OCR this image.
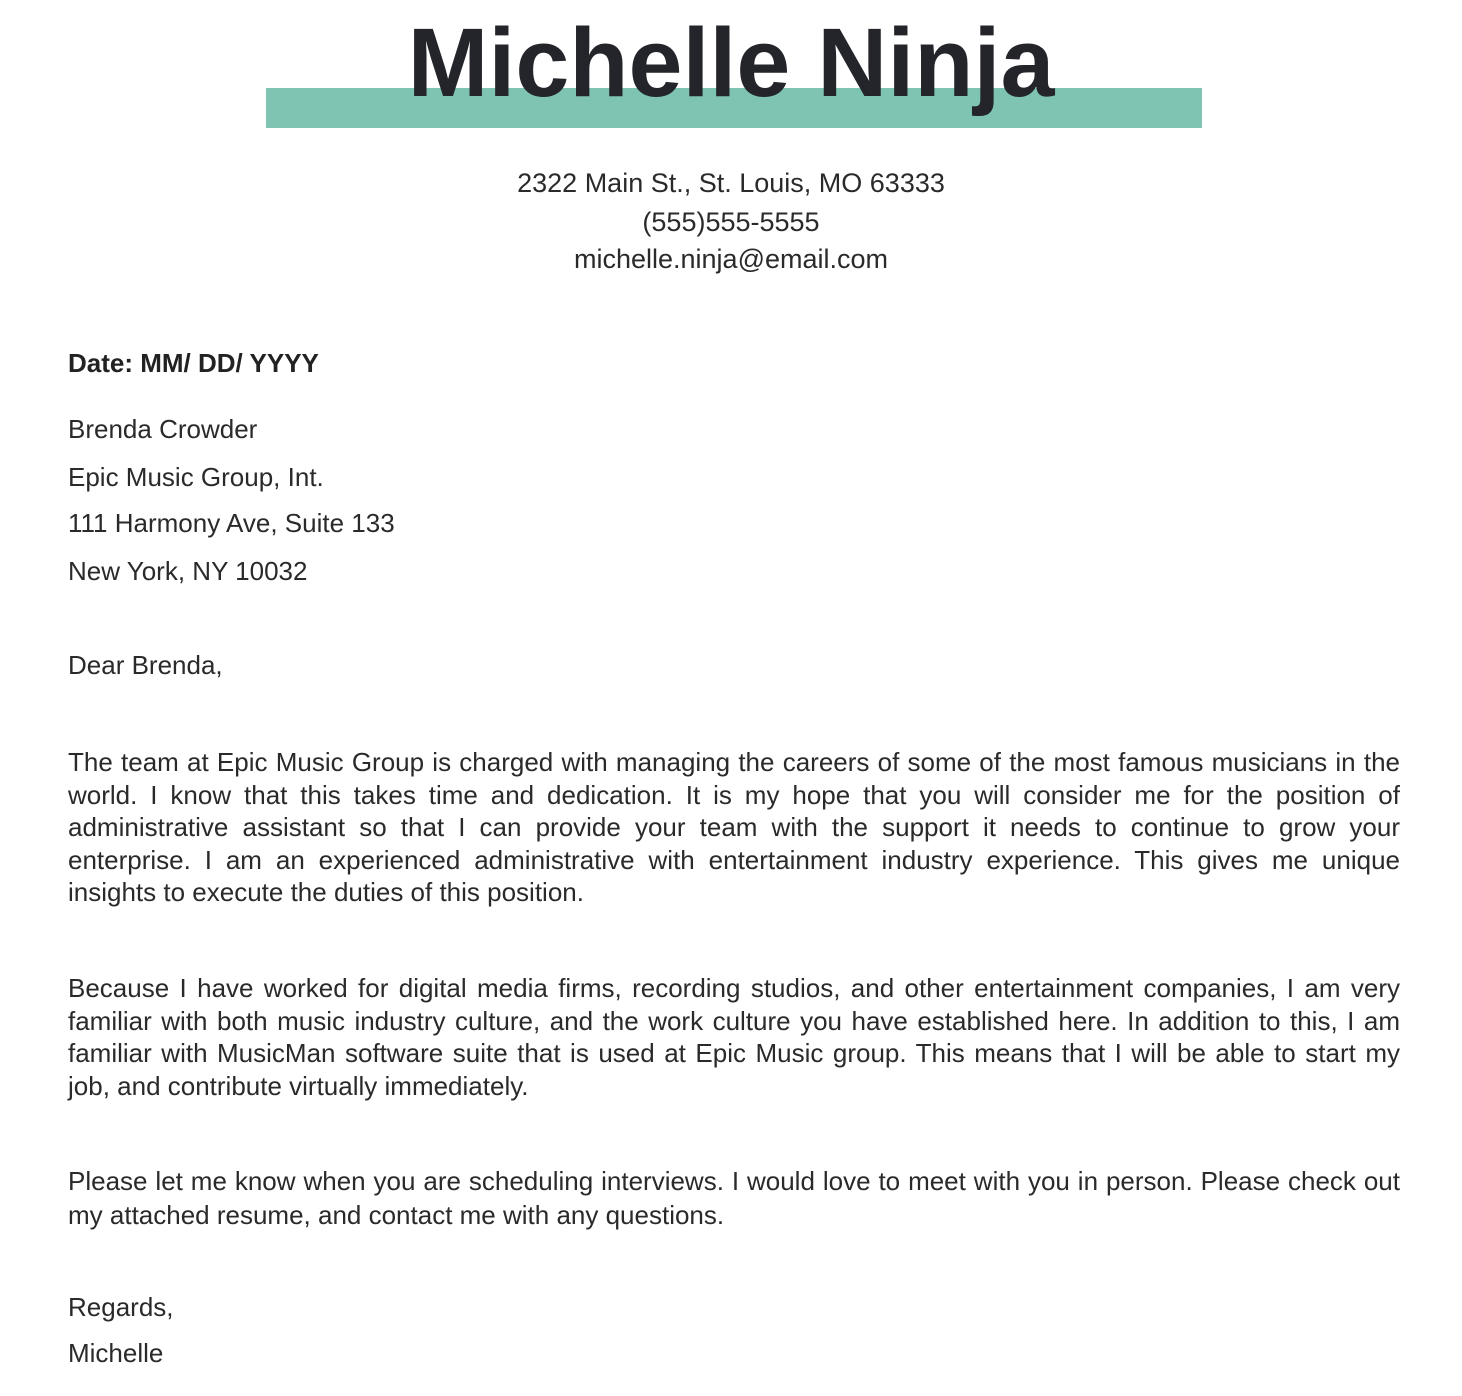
Michelle Ninja
2322 Main St., St. Louis, MO 63333
(555)555-5555
michelle.ninja@email.com
Date: MM/ DD/ YYYY
Brenda Crowder
Epic Music Group, Int.
111 Harmony Ave, Suite 133
New York, NY 10032
Dear Brenda,
The team at Epic Music Group is charged with managing the careers of some of the most famous musicians in the world. I know that this takes time and dedication. It is my hope that you will consider me for the position of administrative assistant so that I can provide your team with the support it needs to continue to grow your enterprise. I am an experienced administrative with entertainment industry experience. This gives me unique insights to execute the duties of this position.
Because I have worked for digital media firms, recording studios, and other entertainment companies, I am very familiar with both music industry culture, and the work culture you have established here. In addition to this, I am familiar with MusicMan software suite that is used at Epic Music group. This means that I will be able to start my job, and contribute virtually immediately.
Please let me know when you are scheduling interviews. I would love to meet with you in person. Please check out my attached resume, and contact me with any questions.
Regards,
Michelle
